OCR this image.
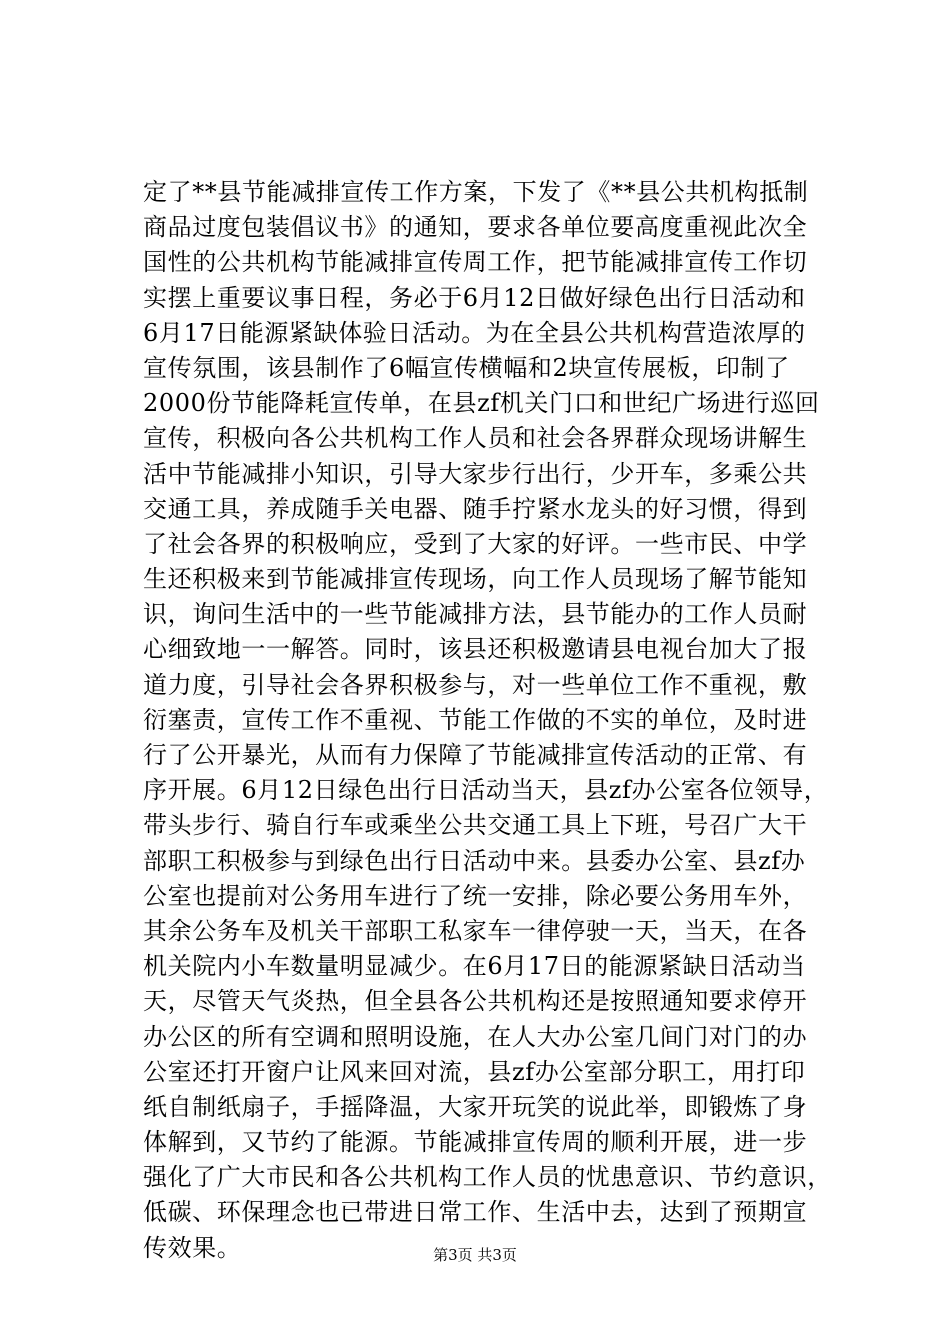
定了**县节能减排宣传工作方案，下发了《**县公共机构抵制
商品过度包装倡议书》的通知，要求各单位要高度重视此次全
国性的公共机构节能减排宣传周工作，把节能减排宣传工作切
实摆上重要议事日程，务必于6月12日做好绿色出行日活动和
6月17日能源紧缺体验日活动。为在全县公共机构营造浓厚的
宣传氛围，该县制作了6幅宣传横幅和2块宣传展板，印制了
2000份节能降耗宣传单，在县zf机关门口和世纪广场进行巡回
宣传，积极向各公共机构工作人员和社会各界群众现场讲解生
活中节能减排小知识，引导大家步行出行，少开车，多乘公共
交通工具，养成随手关电器、随手拧紧水龙头的好习惯，得到
了社会各界的积极响应，受到了大家的好评。一些市民、中学
生还积极来到节能减排宣传现场，向工作人员现场了解节能知
识，询问生活中的一些节能减排方法，县节能办的工作人员耐
心细致地一一解答。同时，该县还积极邀请县电视台加大了报
道力度，引导社会各界积极参与，对一些单位工作不重视，敷
衍塞责，宣传工作不重视、节能工作做的不实的单位，及时进
行了公开暴光，从而有力保障了节能减排宣传活动的正常、有
序开展。6月12日绿色出行日活动当天，县zf办公室各位领导，
带头步行、骑自行车或乘坐公共交通工具上下班，号召广大干
部职工积极参与到绿色出行日活动中来。县委办公室、县zf办
公室也提前对公务用车进行了统一安排，除必要公务用车外，
其余公务车及机关干部职工私家车一律停驶一天，当天，在各
机关院内小车数量明显减少。在6月17日的能源紧缺日活动当
天，尽管天气炎热，但全县各公共机构还是按照通知要求停开
办公区的所有空调和照明设施，在人大办公室几间门对门的办
公室还打开窗户让风来回对流，县zf办公室部分职工，用打印
纸自制纸扇子，手摇降温，大家开玩笑的说此举，即锻炼了身
体解到，又节约了能源。节能减排宣传周的顺利开展，进一步
强化了广大市民和各公共机构工作人员的忧患意识、节约意识，
低碳、环保理念也已带进日常工作、生活中去，达到了预期宣
传效果。	第3页 共3页
